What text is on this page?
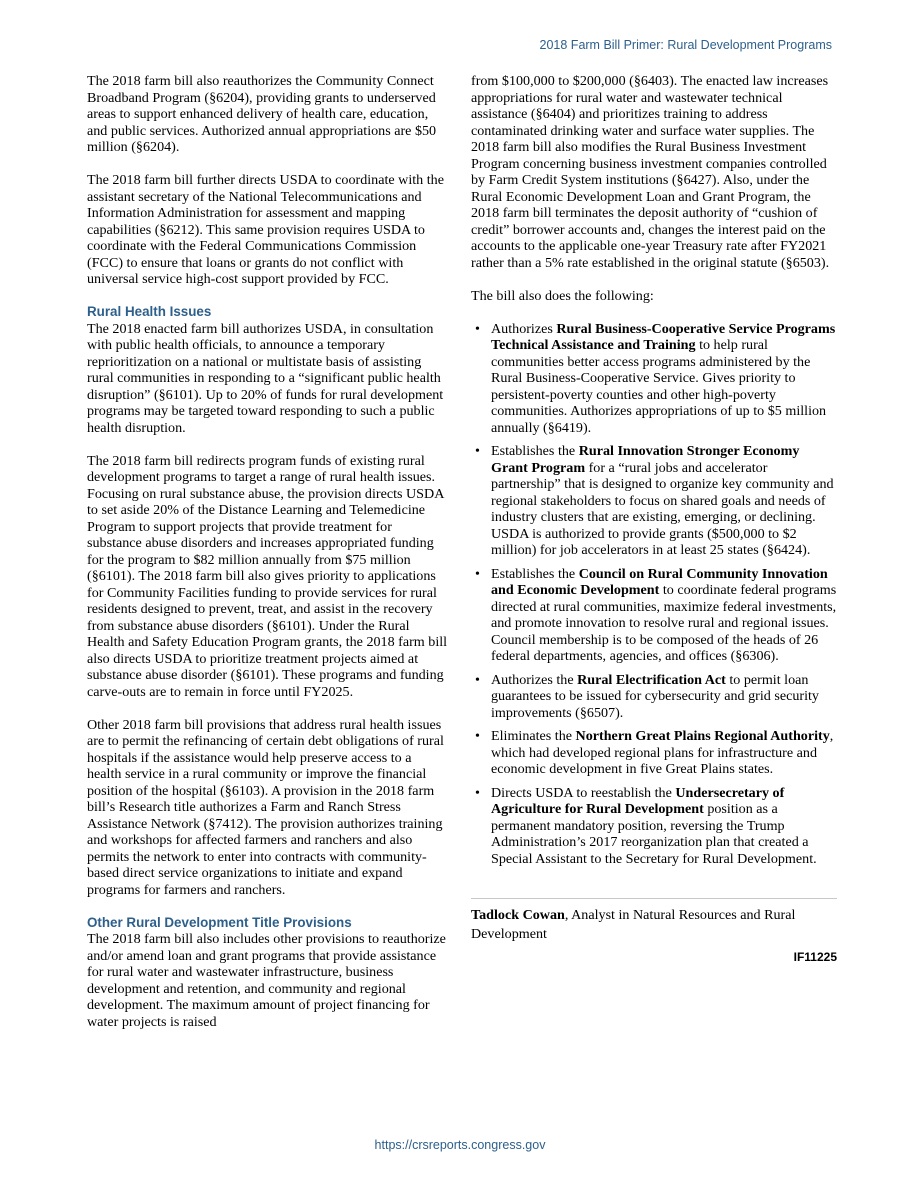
2018 Farm Bill Primer: Rural Development Programs

The 2018 farm bill also reauthorizes the Community Connect Broadband Program (§6204), providing grants to underserved areas to support enhanced delivery of health care, education, and public services. Authorized annual appropriations are $50 million (§6204).

The 2018 farm bill further directs USDA to coordinate with the assistant secretary of the National Telecommunications and Information Administration for assessment and mapping capabilities (§6212). This same provision requires USDA to coordinate with the Federal Communications Commission (FCC) to ensure that loans or grants do not conflict with universal service high-cost support provided by FCC.

Rural Health Issues

The 2018 enacted farm bill authorizes USDA, in consultation with public health officials, to announce a temporary reprioritization on a national or multistate basis of assisting rural communities in responding to a “significant public health disruption” (§6101). Up to 20% of funds for rural development programs may be targeted toward responding to such a public health disruption.

The 2018 farm bill redirects program funds of existing rural development programs to target a range of rural health issues. Focusing on rural substance abuse, the provision directs USDA to set aside 20% of the Distance Learning and Telemedicine Program to support projects that provide treatment for substance abuse disorders and increases appropriated funding for the program to $82 million annually from $75 million (§6101). The 2018 farm bill also gives priority to applications for Community Facilities funding to provide services for rural residents designed to prevent, treat, and assist in the recovery from substance abuse disorders (§6101). Under the Rural Health and Safety Education Program grants, the 2018 farm bill also directs USDA to prioritize treatment projects aimed at substance abuse disorder (§6101). These programs and funding carve-outs are to remain in force until FY2025.

Other 2018 farm bill provisions that address rural health issues are to permit the refinancing of certain debt obligations of rural hospitals if the assistance would help preserve access to a health service in a rural community or improve the financial position of the hospital (§6103). A provision in the 2018 farm bill’s Research title authorizes a Farm and Ranch Stress Assistance Network (§7412). The provision authorizes training and workshops for affected farmers and ranchers and also permits the network to enter into contracts with community-based direct service organizations to initiate and expand programs for farmers and ranchers.

Other Rural Development Title Provisions

The 2018 farm bill also includes other provisions to reauthorize and/or amend loan and grant programs that provide assistance for rural water and wastewater infrastructure, business development and retention, and community and regional development. The maximum amount of project financing for water projects is raised

from $100,000 to $200,000 (§6403). The enacted law increases appropriations for rural water and wastewater technical assistance (§6404) and prioritizes training to address contaminated drinking water and surface water supplies. The 2018 farm bill also modifies the Rural Business Investment Program concerning business investment companies controlled by Farm Credit System institutions (§6427). Also, under the Rural Economic Development Loan and Grant Program, the 2018 farm bill terminates the deposit authority of “cushion of credit” borrower accounts and, changes the interest paid on the accounts to the applicable one-year Treasury rate after FY2021 rather than a 5% rate established in the original statute (§6503).

The bill also does the following:

• Authorizes Rural Business-Cooperative Service Programs Technical Assistance and Training to help rural communities better access programs administered by the Rural Business-Cooperative Service. Gives priority to persistent-poverty counties and other high-poverty communities. Authorizes appropriations of up to $5 million annually (§6419).
• Establishes the Rural Innovation Stronger Economy Grant Program for a “rural jobs and accelerator partnership” that is designed to organize key community and regional stakeholders to focus on shared goals and needs of industry clusters that are existing, emerging, or declining. USDA is authorized to provide grants ($500,000 to $2 million) for job accelerators in at least 25 states (§6424).
• Establishes the Council on Rural Community Innovation and Economic Development to coordinate federal programs directed at rural communities, maximize federal investments, and promote innovation to resolve rural and regional issues. Council membership is to be composed of the heads of 26 federal departments, agencies, and offices (§6306).
• Authorizes the Rural Electrification Act to permit loan guarantees to be issued for cybersecurity and grid security improvements (§6507).
• Eliminates the Northern Great Plains Regional Authority, which had developed regional plans for infrastructure and economic development in five Great Plains states.
• Directs USDA to reestablish the Undersecretary of Agriculture for Rural Development position as a permanent mandatory position, reversing the Trump Administration’s 2017 reorganization plan that created a Special Assistant to the Secretary for Rural Development.

Tadlock Cowan, Analyst in Natural Resources and Rural Development

IF11225
https://crsreports.congress.gov
